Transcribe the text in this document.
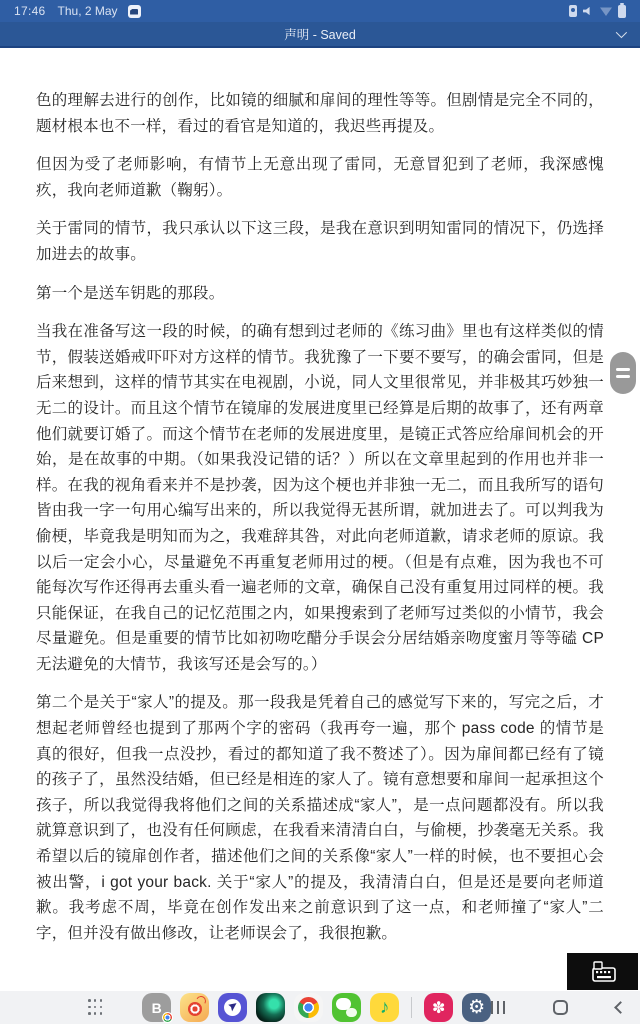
17:46 Thu, 2 May
声明 - Saved

色的理解去进行的创作，比如镜的细腻和扉间的理性等等。但剧情是完全不同的，题材根本也不一样，看过的看官是知道的，我迟些再提及。

但因为受了老师影响，有情节上无意出现了雷同，无意冒犯到了老师，我深感愧疚，我向老师道歉（鞠躬）。

关于雷同的情节，我只承认以下这三段，是我在意识到明知雷同的情况下，仍选择加进去的故事。

第一个是送车钥匙的那段。

当我在准备写这一段的时候，的确有想到过老师的《练习曲》里也有这样类似的情节，假装送婚戒吓吓对方这样的情节。我犹豫了一下要不要写，的确会雷同，但是后来想到，这样的情节其实在电视剧，小说，同人文里很常见，并非极其巧妙独一无二的设计。而且这个情节在镜扉的发展进度里已经算是后期的故事了，还有两章他们就要订婚了。而这个情节在老师的发展进度里，是镜正式答应给扉间机会的开始，是在故事的中期。（如果我没记错的话？）所以在文章里起到的作用也并非一样。在我的视角看来并不是抄袭，因为这个梗也并非独一无二，而且我所写的语句皆由我一字一句用心编写出来的，所以我觉得无甚所谓，就加进去了。可以判我为偷梗，毕竟我是明知而为之，我难辞其咎，对此向老师道歉，请求老师的原谅。我以后一定会小心，尽量避免不再重复老师用过的梗。（但是有点难，因为我也不可能每次写作还得再去重头看一遍老师的文章，确保自己没有重复用过同样的梗。我只能保证，在我自己的记忆范围之内，如果搜索到了老师写过类似的小情节，我会尽量避免。但是重要的情节比如初吻吃醋分手误会分居结婚亲吻度蜜月等等磕 CP 无法避免的大情节，我该写还是会写的。）

第二个是关于“家人”的提及。那一段我是凭着自己的感觉写下来的，写完之后，才想起老师曾经也提到了那两个字的密码（我再夸一遍，那个 pass code 的情节是真的很好，但我一点没抄，看过的都知道了我不赘述了）。因为扉间都已经有了镜的孩子了，虽然没结婚，但已经是相连的家人了。镜有意想要和扉间一起承担这个孩子，所以我觉得我将他们之间的关系描述成“家人”，是一点问题都没有。所以我就算意识到了，也没有任何顾虑，在我看来清清白白，与偷梗，抄袭毫无关系。我希望以后的镜扉创作者，描述他们之间的关系像“家人”一样的时候，也不要担心会被出警，i got your back. 关于“家人”的提及，我清清白白，但是还是要向老师道歉。我考虑不周，毕竟在创作发出来之前意识到了这一点，和老师撞了“家人”二字，但并没有做出修改，让老师误会了，我很抱歉。

B	♪	✽ ⚙
